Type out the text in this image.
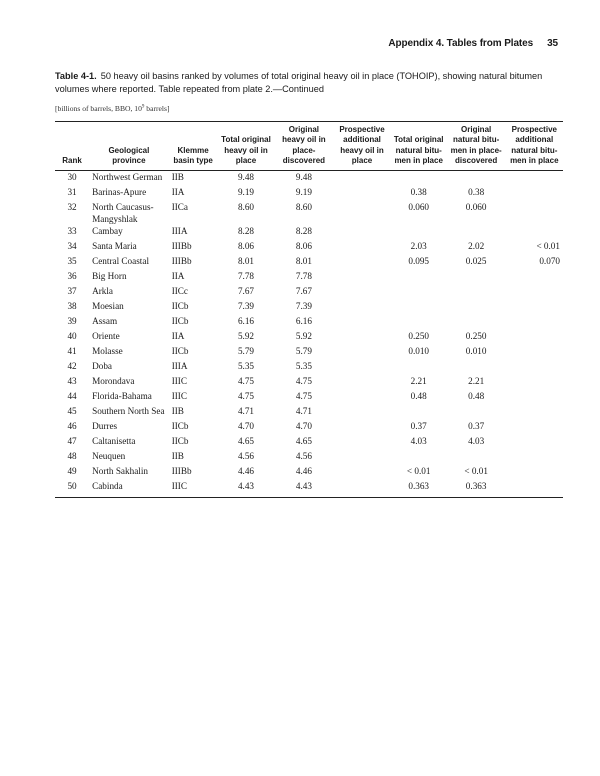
Appendix 4. Tables from Plates 35
Table 4-1. 50 heavy oil basins ranked by volumes of total original heavy oil in place (TOHOIP), showing natural bitumen volumes where reported. Table repeated from plate 2.—Continued
[billions of barrels, BBO, $10^9$ barrels]
Rank	Geological province	Klemme basin type	Total original heavy oil in place	Original heavy oil in place-discovered	Prospective additional heavy oil in place	Total original natural bitu-men in place	Original natural bitu-men in place-discovered	Prospective additional natural bitu-men in place
30	Northwest German	IIB	9.48	9.48				
31	Barinas-Apure	IIA	9.19	9.19		0.38	0.38	
32	North Caucasus-Mangyshlak	IICa	8.60	8.60		0.060	0.060	
33	Cambay	IIIA	8.28	8.28				
34	Santa Maria	IIIBb	8.06	8.06		2.03	2.02	< 0.01
35	Central Coastal	IIIBb	8.01	8.01		0.095	0.025	0.070
36	Big Horn	IIA	7.78	7.78				
37	Arkla	IICc	7.67	7.67				
38	Moesian	IICb	7.39	7.39				
39	Assam	IICb	6.16	6.16				
40	Oriente	IIA	5.92	5.92		0.250	0.250	
41	Molasse	IICb	5.79	5.79		0.010	0.010	
42	Doba	IIIA	5.35	5.35				
43	Morondava	IIIC	4.75	4.75		2.21	2.21	
44	Florida-Bahama	IIIC	4.75	4.75		0.48	0.48	
45	Southern North Sea	IIB	4.71	4.71				
46	Durres	IICb	4.70	4.70		0.37	0.37	
47	Caltanisetta	IICb	4.65	4.65		4.03	4.03	
48	Neuquen	IIB	4.56	4.56				
49	North Sakhalin	IIIBb	4.46	4.46		< 0.01	< 0.01	
50	Cabinda	IIIC	4.43	4.43		0.363	0.363	
